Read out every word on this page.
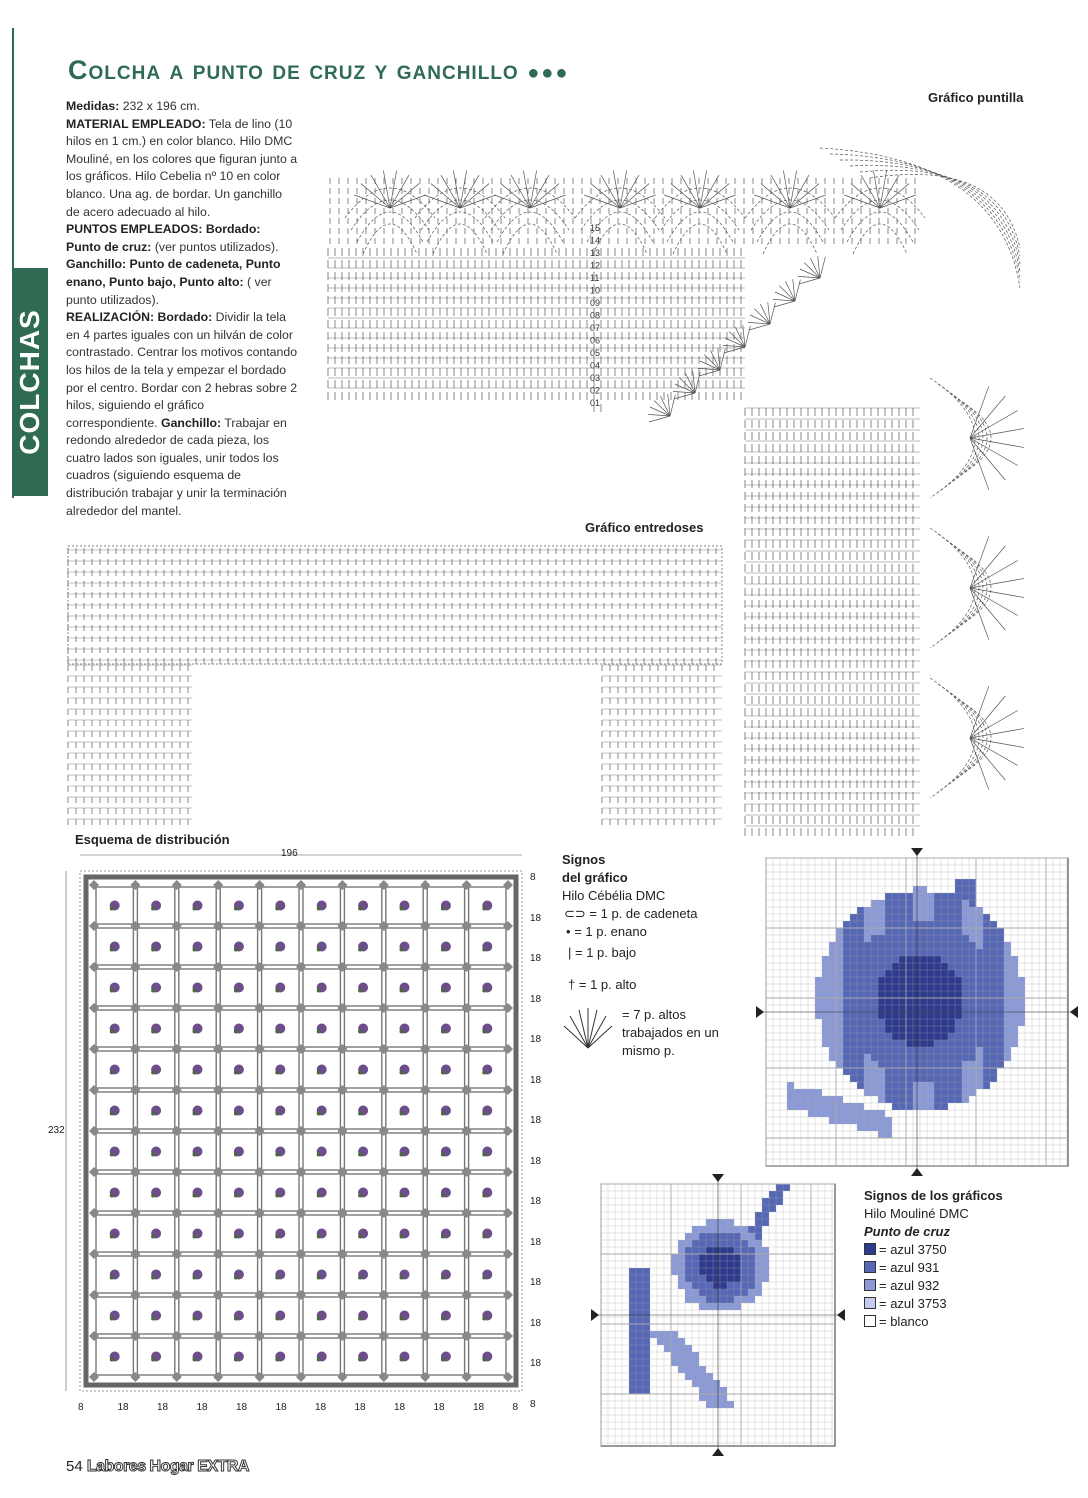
COLCHAS
Colcha a punto de cruz y ganchillo ●●●

Medidas: 232 x 196 cm.

MATERIAL EMPLEADO: Tela de lino (10 hilos en 1 cm.) en color blanco. Hilo DMC Mouliné, en los colores que figuran junto a los gráficos. Hilo Cebelia nº 10 en color blanco. Una ag. de bordar. Un ganchillo de acero adecuado al hilo.

PUNTOS EMPLEADOS: Bordado: Punto de cruz: (ver puntos utilizados). Ganchillo: Punto de cadeneta, Punto enano, Punto bajo, Punto alto: ( ver punto utilizados).

REALIZACIÓN: Bordado: Dividir la tela en 4 partes iguales con un hilván de color contrastado. Centrar los motivos contando los hilos de la tela y empezar el bordado por el centro. Bordar con 2 hebras sobre 2 hilos, siguiendo el gráfico correspondiente. Ganchillo: Trabajar en redondo alrededor de cada pieza, los cuatro lados son iguales, unir todos los cuadros (siguiendo esquema de distribución trabajar y unir la terminación alrededor del mantel.

Gráfico puntilla
Gráfico entredoses
Esquema de distribución
01
02
03
04
05
06
07
08
09
10
11
12
13
14
15
196
232
8
18
18
18
18
18
18
18
18
18
18
18
18
8
8	18	18	18	18	18	18	18	18	18	18	8
Signos
del gráfico
Hilo Cébélia DMC
⊂⊃ = 1 p. de cadeneta
• = 1 p. enano
| = 1 p. bajo
† = 1 p. alto
= 7 p. altos trabajados en un mismo p.
Signos de los gráficos
Hilo Mouliné DMC
Punto de cruz
= azul 3750
= azul 931
= azul 932
= azul 3753
= blanco
54 Labores Hogar EXTRA
